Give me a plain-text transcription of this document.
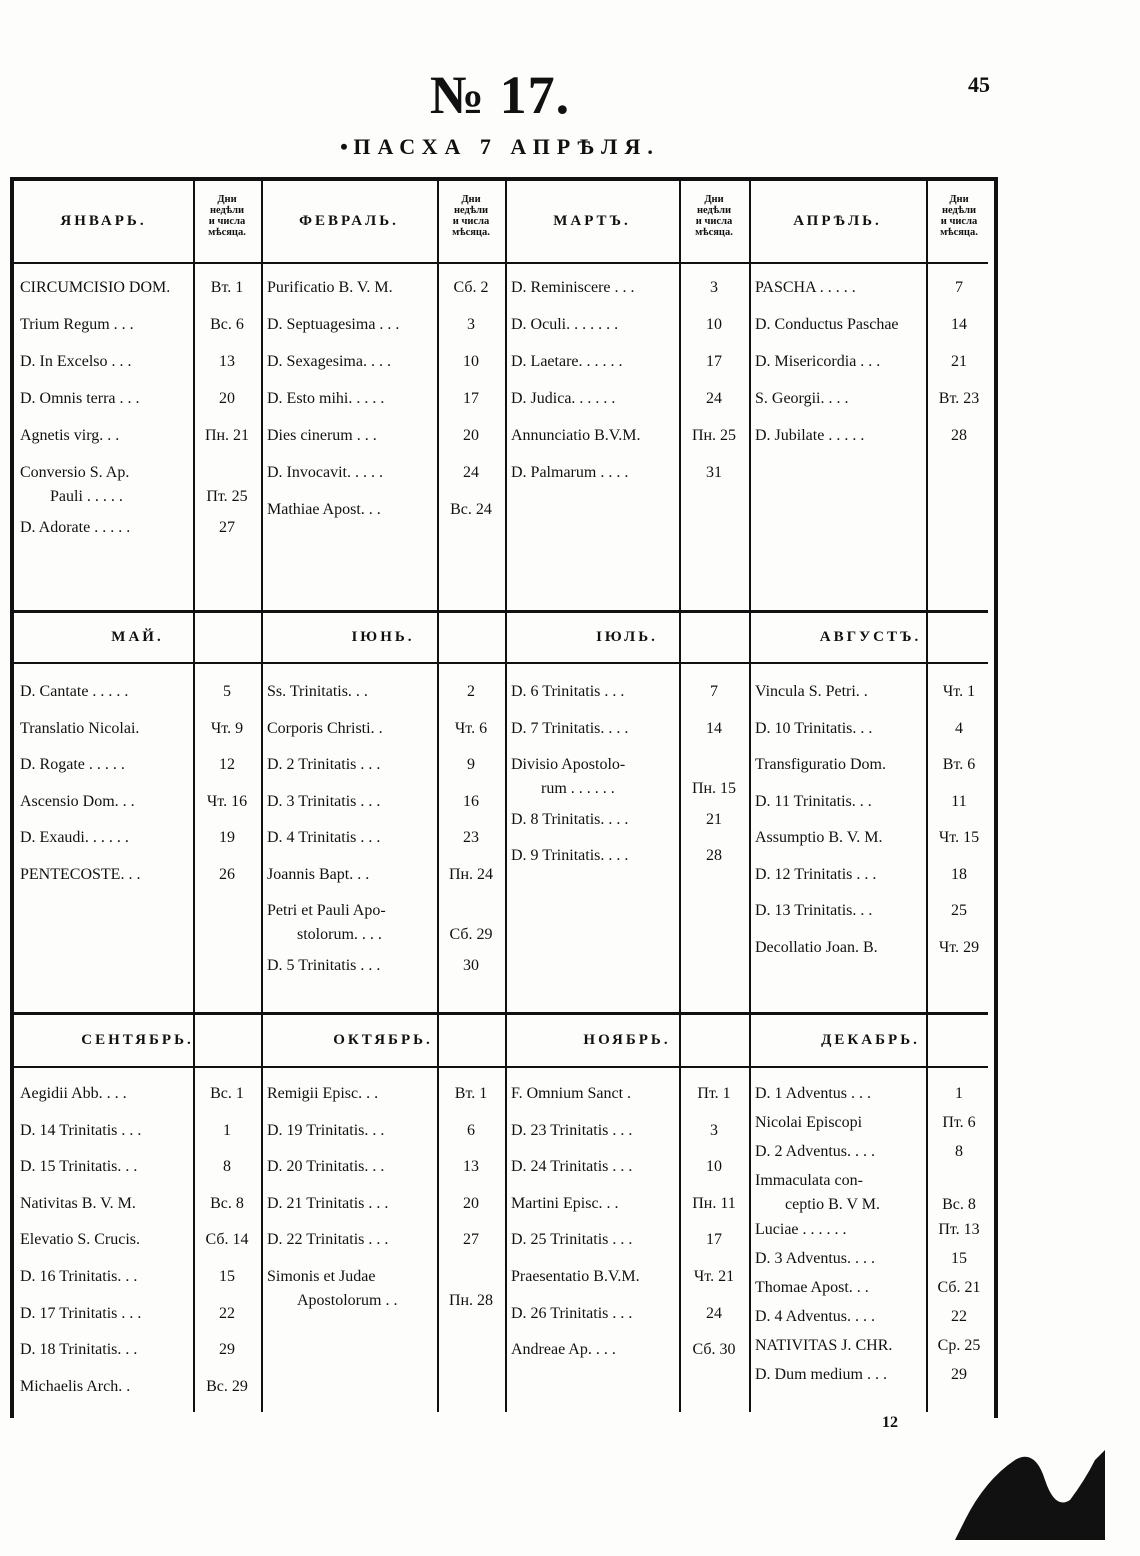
45
№ 17.
• ПАСХА 7 АПРѢЛЯ.
ЯНВАРЬ.
Дни
недѣли
и числа
мѣсяца.
CIRCUMCISIO DOM.	Вт. 1
Trium Regum . . .	Вс. 6
D. In Excelso . . .	13
D. Omnis terra . . .	20
Agnetis virg. . .	Пн. 21
Conversio S. Ap.
Pauli . . . . .	Пт. 25
D. Adorate . . . . .	27
ФЕВРАЛЬ.
Дни
недѣли
и числа
мѣсяца.
Purificatio B. V. M.	Сб. 2
D. Septuagesima . . .	3
D. Sexagesima. . . .	10
D. Esto mihi. . . . .	17
Dies cinerum . . .	20
D. Invocavit. . . . .	24
Mathiae Apost. . .	Вс. 24
МАРТЪ.
Дни
недѣли
и числа
мѣсяца.
D. Reminiscere . . .	3
D. Oculi. . . . . . .	10
D. Laetare. . . . . .	17
D. Judica. . . . . .	24
Annunciatio B.V.M.	Пн. 25
D. Palmarum . . . .	31
АПРѢЛЬ.
Дни
недѣли
и числа
мѣсяца.
PASCHA . . . . .	7
D. Conductus Paschae	14
D. Misericordia . . .	21
S. Georgii. . . .	Вт. 23
D. Jubilate . . . . .	28
МАЙ.
D. Cantate . . . . .	5
Translatio Nicolai.	Чт. 9
D. Rogate . . . . .	12
Ascensio Dom. . .	Чт. 16
D. Exaudi. . . . . .	19
PENTECOSTE. . .	26
ІЮНЬ.
Ss. Trinitatis. . .	2
Corporis Christi. .	Чт. 6
D. 2 Trinitatis . . .	9
D. 3 Trinitatis . . .	16
D. 4 Trinitatis . . .	23
Joannis Bapt. . .	Пн. 24
Petri et Pauli Apo-
stolorum. . . .	Сб. 29
D. 5 Trinitatis . . .	30
ІЮЛЬ.
D. 6 Trinitatis . . .	7
D. 7 Trinitatis. . . .	14
Divisio Apostolo-
rum . . . . . .	Пн. 15
D. 8 Trinitatis. . . .	21
D. 9 Trinitatis. . . .	28
АВГУСТЪ.
Vincula S. Petri. .	Чт. 1
D. 10 Trinitatis. . .	4
Transfiguratio Dom.	Вт. 6
D. 11 Trinitatis. . .	11
Assumptio B. V. M.	Чт. 15
D. 12 Trinitatis . . .	18
D. 13 Trinitatis. . .	25
Decollatio Joan. B.	Чт. 29
СЕНТЯБРЬ.
Aegidii Abb. . . .	Вс. 1
D. 14 Trinitatis . . .	1
D. 15 Trinitatis. . .	8
Nativitas B. V. M.	Вс. 8
Elevatio S. Crucis.	Сб. 14
D. 16 Trinitatis. . .	15
D. 17 Trinitatis . . .	22
D. 18 Trinitatis. . .	29
Michaelis Arch. .	Вс. 29
ОКТЯБРЬ.
Remigii Episc. . .	Вт. 1
D. 19 Trinitatis. . .	6
D. 20 Trinitatis. . .	13
D. 21 Trinitatis . . .	20
D. 22 Trinitatis . . .	27
Simonis et Judae
Apostolorum . .	Пн. 28
НОЯБРЬ.
F. Omnium Sanct .	Пт. 1
D. 23 Trinitatis . . .	3
D. 24 Trinitatis . . .	10
Martini Episc. . .	Пн. 11
D. 25 Trinitatis . . .	17
Praesentatio B.V.M.	Чт. 21
D. 26 Trinitatis . . .	24
Andreae Ap. . . .	Сб. 30
ДЕКАБРЬ.
D. 1 Adventus . . .	1
Nicolai Episcopi	Пт. 6
D. 2 Adventus. . . .	8
Immaculata con-
ceptio B. V M.	Вс. 8
Luciae . . . . . .	Пт. 13
D. 3 Adventus. . . .	15
Thomae Apost. . .	Сб. 21
D. 4 Adventus. . . .	22
NATIVITAS J. CHR.	Ср. 25
D. Dum medium . . .	29
12
